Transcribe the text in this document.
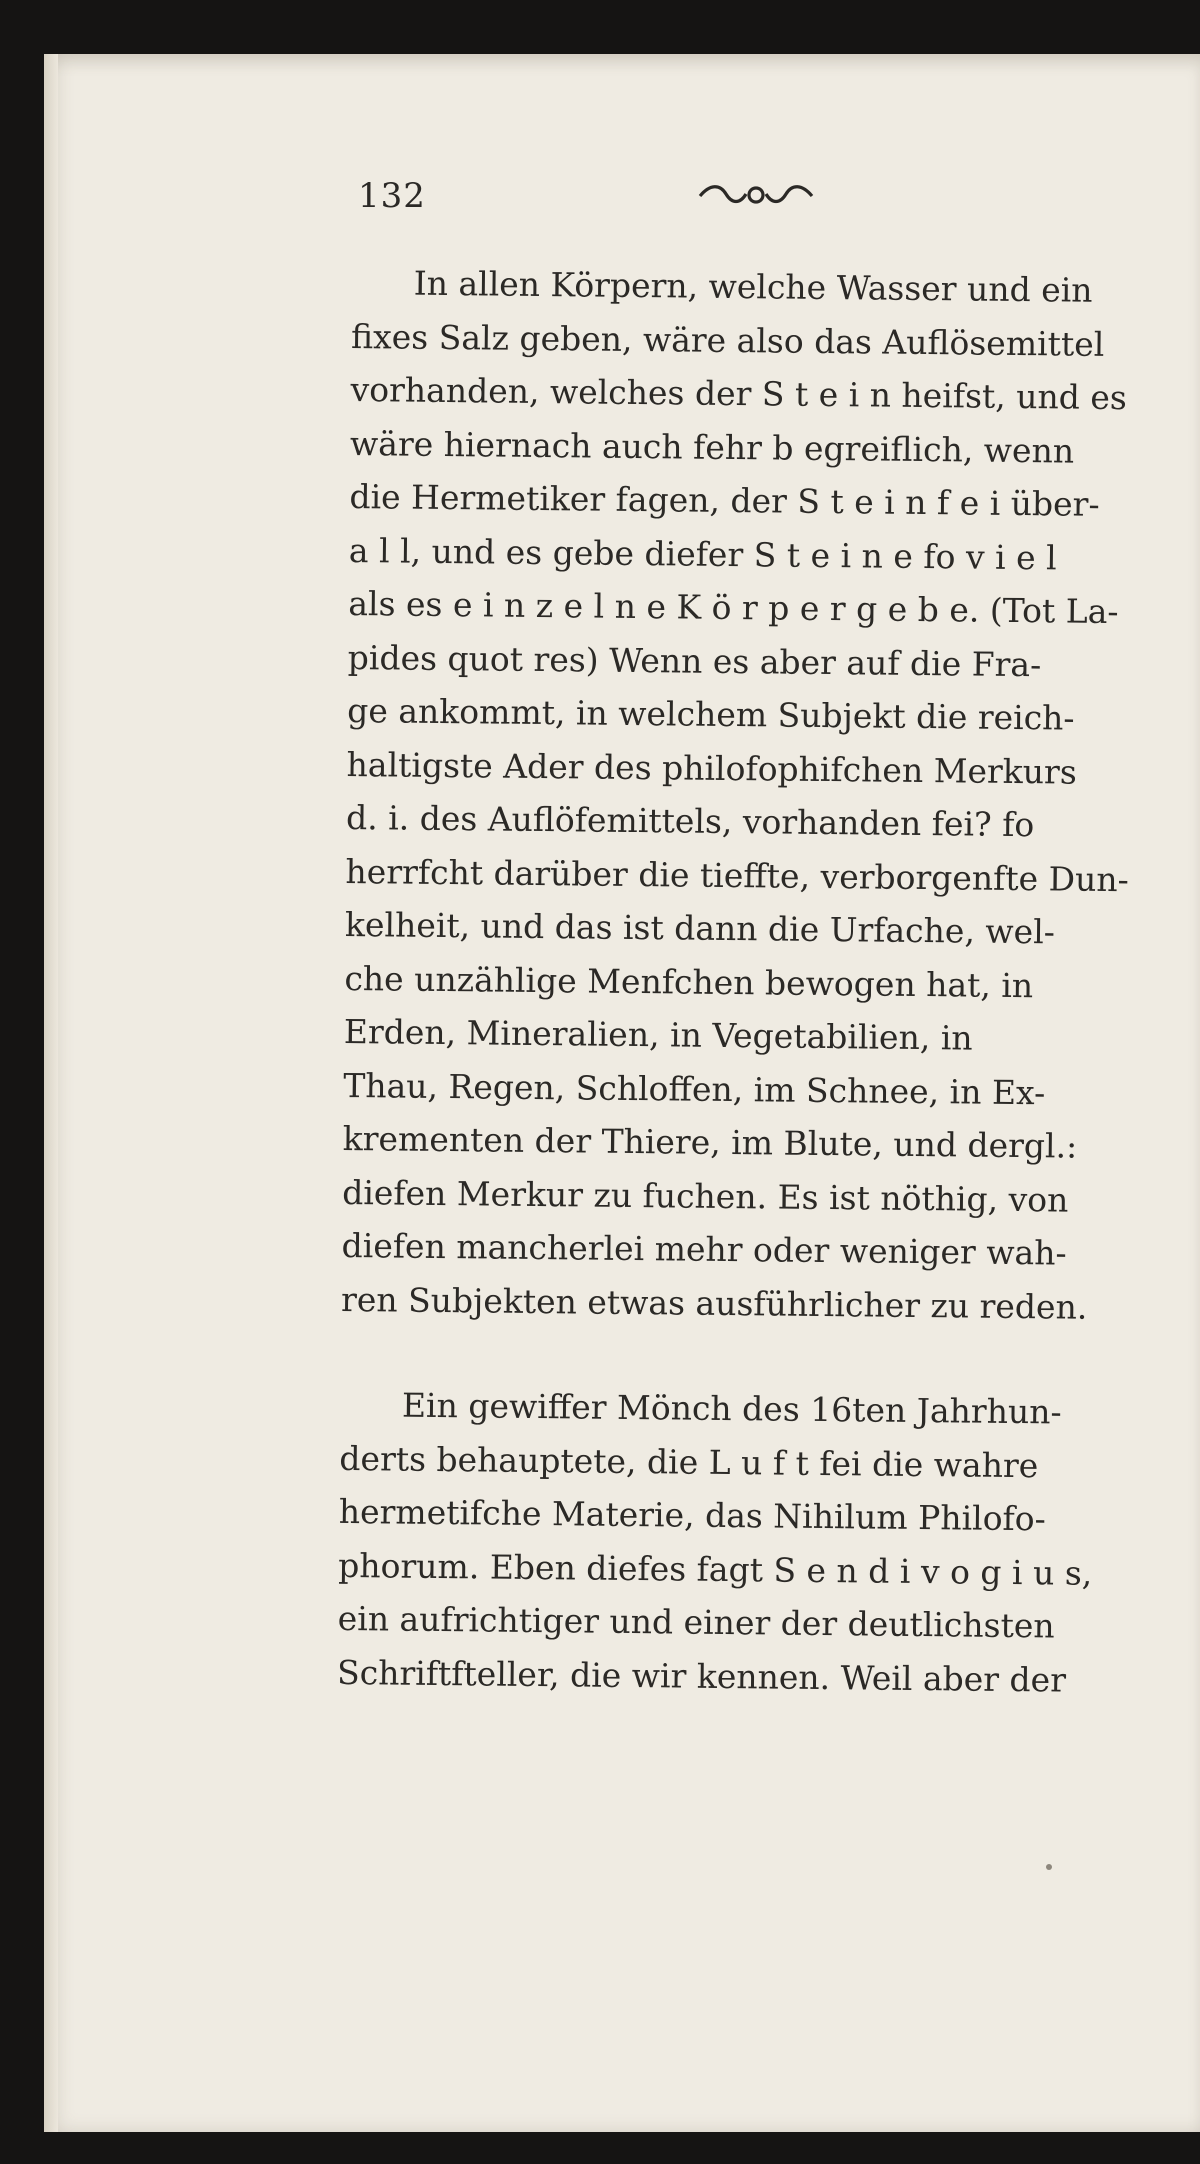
132
In allen Körpern, welche Wasser und ein
fixes Salz geben, wäre also das Auflösemittel
vorhanden, welches der S t e i n heifst, und es
wäre hiernach auch fehr b egreiflich, wenn
die Hermetiker fagen, der S t e i n f e i über-
a l l, und es gebe diefer S t e i n e fo v i e l
als es e i n z e l n e K ö r p e r g e b e. (Tot La-
pides quot res) Wenn es aber auf die Fra-
ge ankommt, in welchem Subjekt die reich-
haltigste Ader des philofophifchen Merkurs
d. i. des Auflöfemittels, vorhanden fei? fo
herrfcht darüber die tieffte, verborgenfte Dun-
kelheit, und das ist dann die Urfache, wel-
che unzählige Menfchen bewogen hat, in
Erden, Mineralien, in Vegetabilien, in
Thau, Regen, Schloffen, im Schnee, in Ex-
krementen der Thiere, im Blute, und dergl.:
diefen Merkur zu fuchen. Es ist nöthig, von
diefen mancherlei mehr oder weniger wah-
ren Subjekten etwas ausführlicher zu reden.
Ein gewiffer Mönch des 16ten Jahrhun-
derts behauptete, die L u f t fei die wahre
hermetifche Materie, das Nihilum Philofo-
phorum. Eben diefes fagt S e n d i v o g i u s,
ein aufrichtiger und einer der deutlichsten
Schriftfteller, die wir kennen. Weil aber der
